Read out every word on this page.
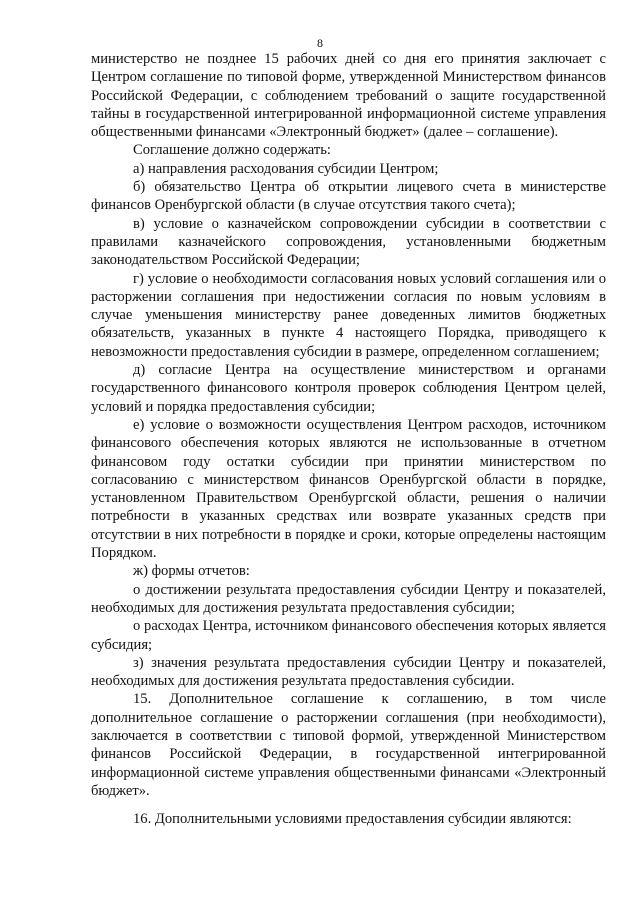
8

министерство не позднее 15 рабочих дней со дня его принятия заключает с Центром соглашение по типовой форме, утвержденной Министерством финансов Российской Федерации, с соблюдением требований о защите государственной тайны в государственной интегрированной информационной системе управления общественными финансами «Электронный бюджет» (далее – соглашение).

Соглашение должно содержать:

а) направления расходования субсидии Центром;

б) обязательство Центра об открытии лицевого счета в министерстве финансов Оренбургской области (в случае отсутствия такого счета);

в) условие о казначейском сопровождении субсидии в соответствии с правилами казначейского сопровождения, установленными бюджетным законодательством Российской Федерации;

г) условие о необходимости согласования новых условий соглашения или о расторжении соглашения при недостижении согласия по новым условиям в случае уменьшения министерству ранее доведенных лимитов бюджетных обязательств, указанных в пункте 4 настоящего Порядка, приводящего к невозможности предоставления субсидии в размере, определенном соглашением;

д) согласие Центра на осуществление министерством и органами государственного финансового контроля проверок соблюдения Центром целей, условий и порядка предоставления субсидии;

е) условие о возможности осуществления Центром расходов, источником финансового обеспечения которых являются не использованные в отчетном финансовом году остатки субсидии при принятии министерством по согласованию с министерством финансов Оренбургской области в порядке, установленном Правительством Оренбургской области, решения о наличии потребности в указанных средствах или возврате указанных средств при отсутствии в них потребности в порядке и сроки, которые определены настоящим Порядком.

ж) формы отчетов:

о достижении результата предоставления субсидии Центру и показателей, необходимых для достижения результата предоставления субсидии;

о расходах Центра, источником финансового обеспечения которых является субсидия;

з) значения результата предоставления субсидии Центру и показателей, необходимых для достижения результата предоставления субсидии.

15. Дополнительное соглашение к соглашению, в том числе дополнительное соглашение о расторжении соглашения (при необходимости), заключается в соответствии с типовой формой, утвержденной Министерством финансов Российской Федерации, в государственной интегрированной информационной системе управления общественными финансами «Электронный бюджет».

16. Дополнительными условиями предоставления субсидии являются:
